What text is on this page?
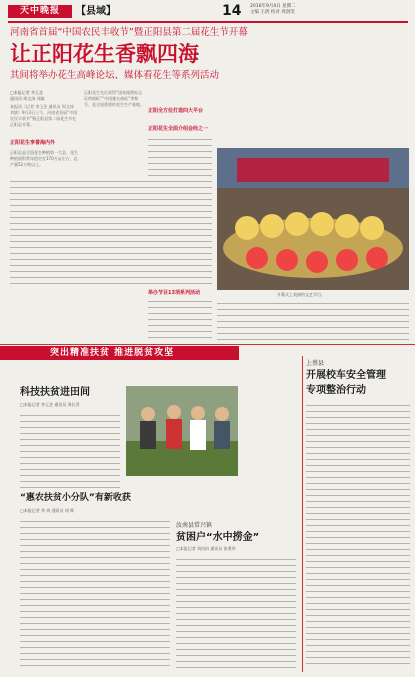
天中晚报	【县域】	14 2016年9月4日 星期二
主编 王倩 校对 周润雯
河南省首届“中国农民丰收节”暨正阳县第二届花生节开幕
让正阳花生香飘四海
其间将举办花生高峰论坛、媒体看花生等系列活动
□本报记者 李玉芝
通讯员 周文涛 刘斌

本报讯（记者 李玉芝 通讯员 周文涛 刘斌）9月3日上午，河南省首届“中国农民丰收节”暨正阳县第二届花生节在正阳县开幕。

正阳花生享誉海内外

正阳县是全国花生种植第一大县，花生种植面积常年稳定在170万亩左右，总产量52万吨以上。

正阳花生先后获得“国家地理标志证明商标”“中国驰名商标”等称号，是全国重要的花生生产基地。

正阳全方位打造四大平台
正阳花生全面介绍会经之一
举办节目13项系列活动	开幕式上表演的文艺节目。
突出精准扶贫 推进脱贫攻坚
科技扶贫进田间
□本报记者 李玉芝 通讯员 周长青
“惠农扶贫小分队”有新收获
□本报记者 李 鸿 通讯员 胡 辉
汝南县常兴镇
贫困户“水中捞金”
□本报记者 刘冉冉 通讯员 张勇华
上蔡县
开展校车安全管理
专项整治行动
